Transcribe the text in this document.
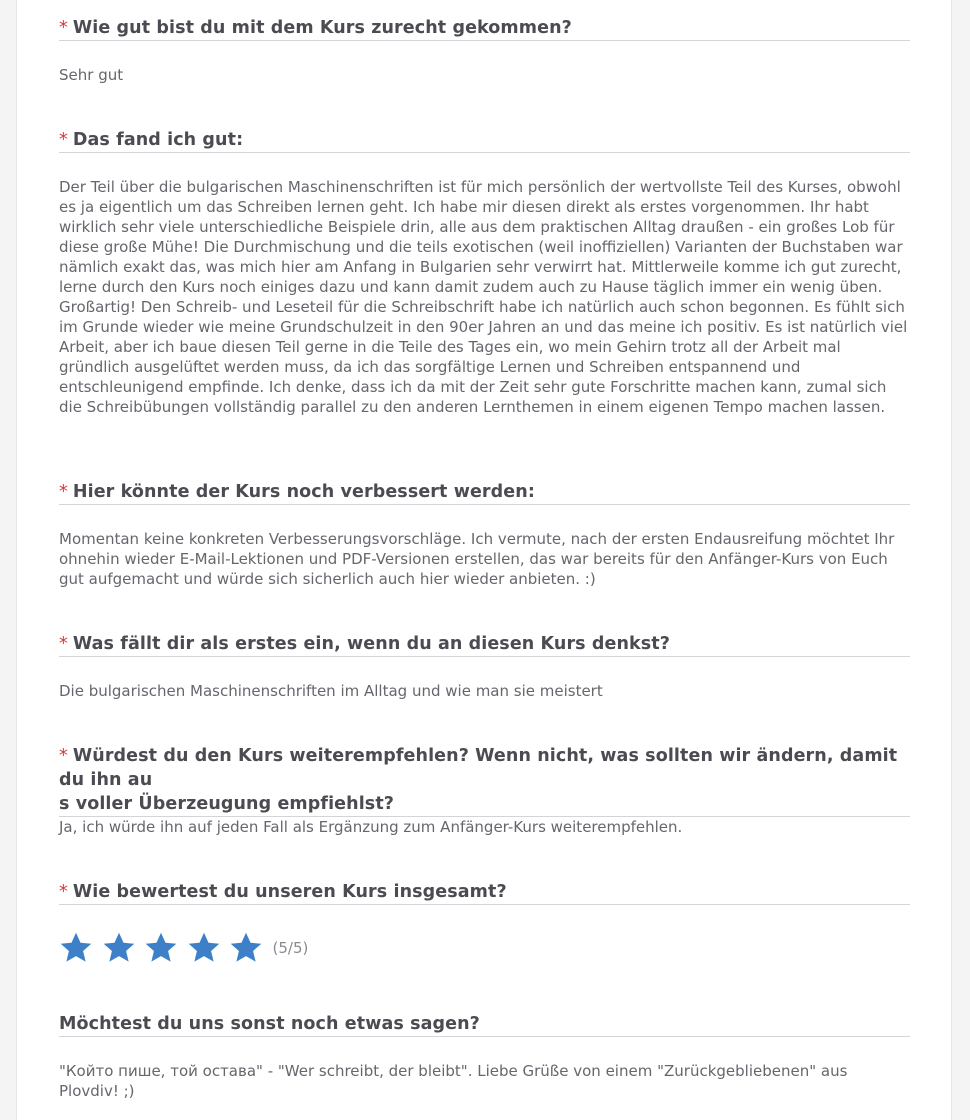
* Wie gut bist du mit dem Kurs zurecht gekommen?
Sehr gut
* Das fand ich gut:
Der Teil über die bulgarischen Maschinenschriften ist für mich persönlich der wertvollste Teil des Kurses, obwohl es ja eigentlich um das Schreiben lernen geht. Ich habe mir diesen direkt als erstes vorgenommen. Ihr habt wirklich sehr viele unterschiedliche Beispiele drin, alle aus dem praktischen Alltag draußen - ein großes Lob für diese große Mühe! Die Durchmischung und die teils exotischen (weil inoffiziellen) Varianten der Buchstaben war nämlich exakt das, was mich hier am Anfang in Bulgarien sehr verwirrt hat. Mittlerweile komme ich gut zurecht, lerne durch den Kurs noch einiges dazu und kann damit zudem auch zu Hause täglich immer ein wenig üben. Großartig! Den Schreib- und Leseteil für die Schreibschrift habe ich natürlich auch schon begonnen. Es fühlt sich im Grunde wieder wie meine Grundschulzeit in den 90er Jahren an und das meine ich positiv. Es ist natürlich viel Arbeit, aber ich baue diesen Teil gerne in die Teile des Tages ein, wo mein Gehirn trotz all der Arbeit mal gründlich ausgelüftet werden muss, da ich das sorgfältige Lernen und Schreiben entspannend und entschleunigend empfinde. Ich denke, dass ich da mit der Zeit sehr gute Forschritte machen kann, zumal sich die Schreibübungen vollständig parallel zu den anderen Lernthemen in einem eigenen Tempo machen lassen.
* Hier könnte der Kurs noch verbessert werden:
Momentan keine konkreten Verbesserungsvorschläge. Ich vermute, nach der ersten Endausreifung möchtet Ihr ohnehin wieder E-Mail-Lektionen und PDF-Versionen erstellen, das war bereits für den Anfänger-Kurs von Euch gut aufgemacht und würde sich sicherlich auch hier wieder anbieten. :)
* Was fällt dir als erstes ein, wenn du an diesen Kurs denkst?
Die bulgarischen Maschinenschriften im Alltag und wie man sie meistert
* Würdest du den Kurs weiterempfehlen? Wenn nicht, was sollten wir ändern, damit du ihn au
s voller Überzeugung empfiehlst?
Ja, ich würde ihn auf jeden Fall als Ergänzung zum Anfänger-Kurs weiterempfehlen.
* Wie bewertest du unseren Kurs insgesamt?
(5/5)
Möchtest du uns sonst noch etwas sagen?
"Който пише, той остава" - "Wer schreibt, der bleibt". Liebe Grüße von einem "Zurückgebliebenen" aus Plovdiv! ;)
